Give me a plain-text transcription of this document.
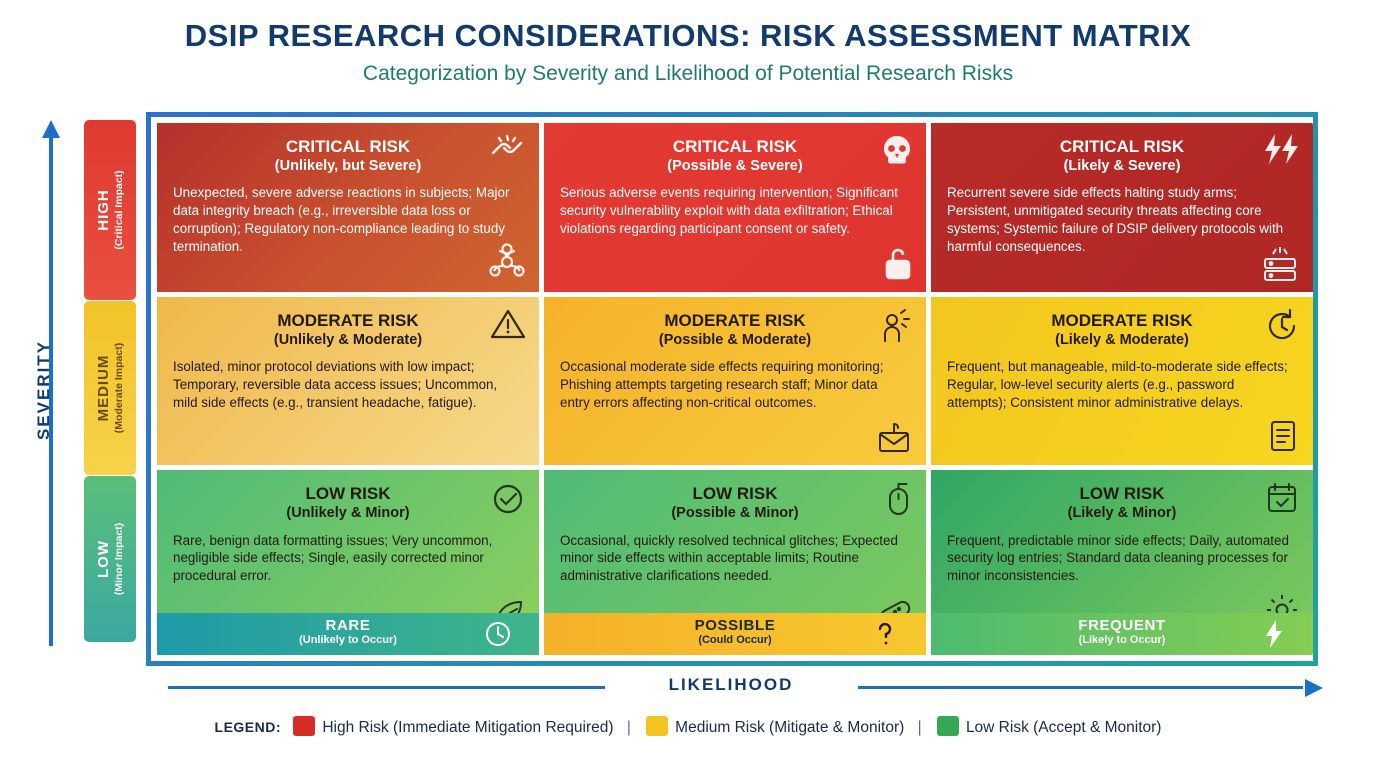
DSIP RESEARCH CONSIDERATIONS: RISK ASSESSMENT MATRIX

Categorization by Severity and Likelihood of Potential Research Risks

SEVERITY
HIGH (Critical Impact)
MEDIUM (Moderate Impact)
LOW (Minor Impact)
CRITICAL RISK
(Unlikely, but Severe)
Unexpected, severe adverse reactions in subjects; Major data integrity breach (e.g., irreversible data loss or corruption); Regulatory non-compliance leading to study termination.
CRITICAL RISK
(Possible & Severe)
Serious adverse events requiring intervention; Significant security vulnerability exploit with data exfiltration; Ethical violations regarding participant consent or safety.
CRITICAL RISK
(Likely & Severe)
Recurrent severe side effects halting study arms; Persistent, unmitigated security threats affecting core systems; Systemic failure of DSIP delivery protocols with harmful consequences.
MODERATE RISK
(Unlikely & Moderate)
Isolated, minor protocol deviations with low impact; Temporary, reversible data access issues; Uncommon, mild side effects (e.g., transient headache, fatigue).
MODERATE RISK
(Possible & Moderate)
Occasional moderate side effects requiring monitoring; Phishing attempts targeting research staff; Minor data entry errors affecting non-critical outcomes.
MODERATE RISK
(Likely & Moderate)
Frequent, but manageable, mild-to-moderate side effects; Regular, low-level security alerts (e.g., password attempts); Consistent minor administrative delays.
LOW RISK
(Unlikely & Minor)
Rare, benign data formatting issues; Very uncommon, negligible side effects; Single, easily corrected minor procedural error.
LOW RISK
(Possible & Minor)
Occasional, quickly resolved technical glitches; Expected minor side effects within acceptable limits; Routine administrative clarifications needed.
LOW RISK
(Likely & Minor)
Frequent, predictable minor side effects; Daily, automated security log entries; Standard data cleaning processes for minor inconsistencies.
RARE
(Unlikely to Occur)
POSSIBLE
(Could Occur)
FREQUENT
(LIkely to Occur)
LIKELIHOOD
LEGEND:	High Risk (Immediate Mitigation Required) |	Medium Risk (Mitigate & Monitor) |	Low Risk (Accept & Monitor)
